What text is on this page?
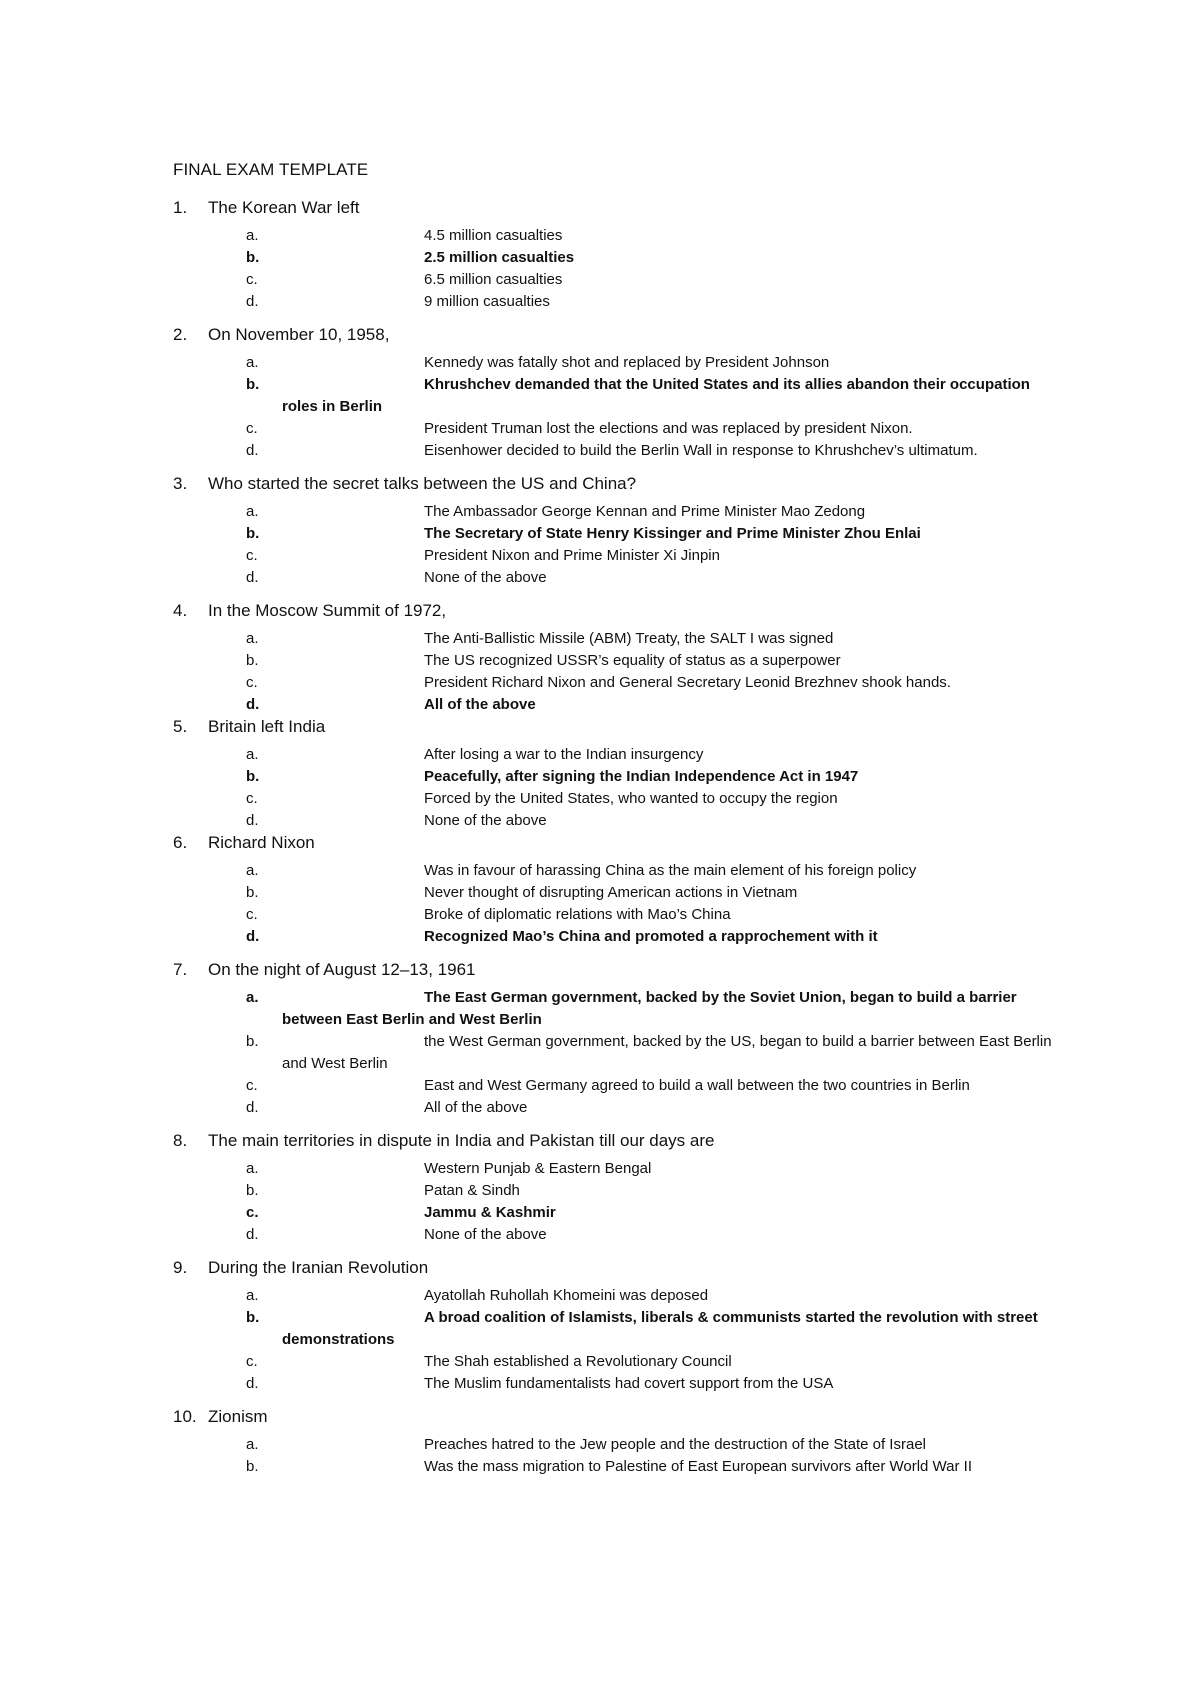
FINAL EXAM TEMPLATE
1. The Korean War left
a.	4.5 million casualties
b.	2.5 million casualties
c.	6.5 million casualties
d.	9 million casualties
2. On November 10, 1958,
a.	Kennedy was fatally shot and replaced by President Johnson
b.	Khrushchev demanded that the United States and its allies abandon their occupation roles in Berlin
c.	President Truman lost the elections and was replaced by president Nixon.
d.	Eisenhower decided to build the Berlin Wall in response to Khrushchev’s ultimatum.
3. Who started the secret talks between the US and China?
a.	The Ambassador George Kennan and Prime Minister Mao Zedong
b.	The Secretary of State Henry Kissinger and Prime Minister Zhou Enlai
c.	President Nixon and Prime Minister Xi Jinpin
d.	None of the above
4. In the Moscow Summit of 1972,
a.	The Anti-Ballistic Missile (ABM) Treaty, the SALT I was signed
b.	The US recognized USSR’s equality of status as a superpower
c.	President Richard Nixon and General Secretary Leonid Brezhnev shook hands.
d.	All of the above
5. Britain left India
a.	After losing a war to the Indian insurgency
b.	Peacefully, after signing the Indian Independence Act in 1947
c.	Forced by the United States, who wanted to occupy the region
d.	None of the above
6. Richard Nixon
a.	Was in favour of harassing China as the main element of his foreign policy
b.	Never thought of disrupting American actions in Vietnam
c.	Broke of diplomatic relations with Mao’s China
d.	Recognized Mao’s China and promoted a rapprochement with it
7. On the night of August 12–13, 1961
a.	The East German government, backed by the Soviet Union, began to build a barrier between East Berlin and West Berlin
b.	the West German government, backed by the US, began to build a barrier between East Berlin and West Berlin
c.	East and West Germany agreed to build a wall between the two countries in Berlin
d.	All of the above
8. The main territories in dispute in India and Pakistan till our days are
a.	Western Punjab & Eastern Bengal
b.	Patan & Sindh
c.	Jammu & Kashmir
d.	None of the above
9. During the Iranian Revolution
a.	Ayatollah Ruhollah Khomeini was deposed
b.	A broad coalition of Islamists, liberals & communists started the revolution with street demonstrations
c.	The Shah established a Revolutionary Council
d.	The Muslim fundamentalists had covert support from the USA
10. Zionism
a.	Preaches hatred to the Jew people and the destruction of the State of Israel
b.	Was the mass migration to Palestine of East European survivors after World War II
